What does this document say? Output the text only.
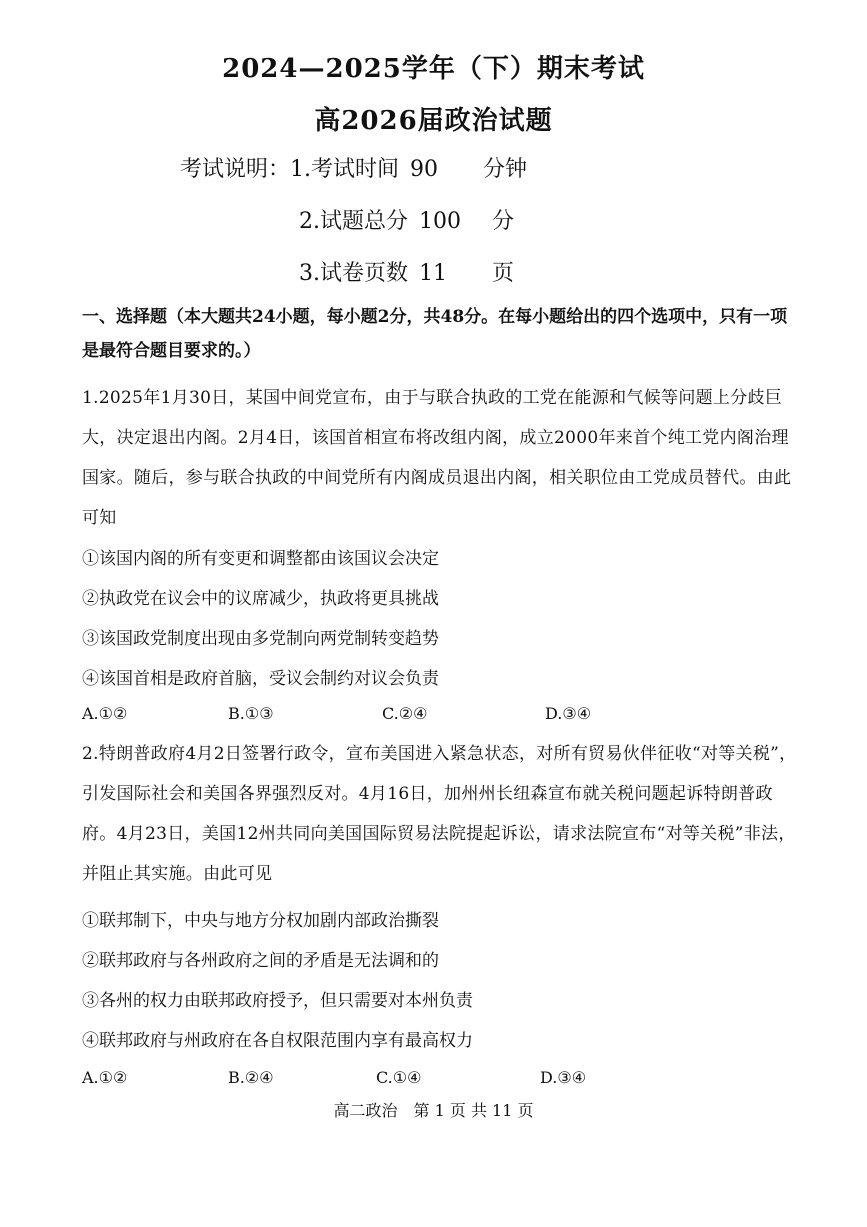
2024—2025学年（下）期末考试
高2026届政治试题
考试说明：1.考试时间 90 分钟
2.试题总分 100 分
3.试卷页数 11 页
一、选择题（本大题共24小题，每小题2分，共48分。在每小题给出的四个选项中，只有一项是最符合题目要求的。）
1.2025年1月30日，某国中间党宣布，由于与联合执政的工党在能源和气候等问题上分歧巨大，决定退出内阁。2月4日，该国首相宣布将改组内阁，成立2000年来首个纯工党内阁治理国家。随后，参与联合执政的中间党所有内阁成员退出内阁，相关职位由工党成员替代。由此可知
①该国内阁的所有变更和调整都由该国议会决定
②执政党在议会中的议席减少，执政将更具挑战
③该国政党制度出现由多党制向两党制转变趋势
④该国首相是政府首脑，受议会制约对议会负责
A.①②	B.①③	C.②④	D.③④
2.特朗普政府4月2日签署行政令，宣布美国进入紧急状态，对所有贸易伙伴征收“对等关税”，引发国际社会和美国各界强烈反对。4月16日，加州州长纽森宣布就关税问题起诉特朗普政府。4月23日，美国12州共同向美国国际贸易法院提起诉讼，请求法院宣布“对等关税”非法，并阻止其实施。由此可见
①联邦制下，中央与地方分权加剧内部政治撕裂
②联邦政府与各州政府之间的矛盾是无法调和的
③各州的权力由联邦政府授予，但只需要对本州负责
④联邦政府与州政府在各自权限范围内享有最高权力
A.①②	B.②④	C.①④	D.③④
高二政治　第 1 页 共 11 页
